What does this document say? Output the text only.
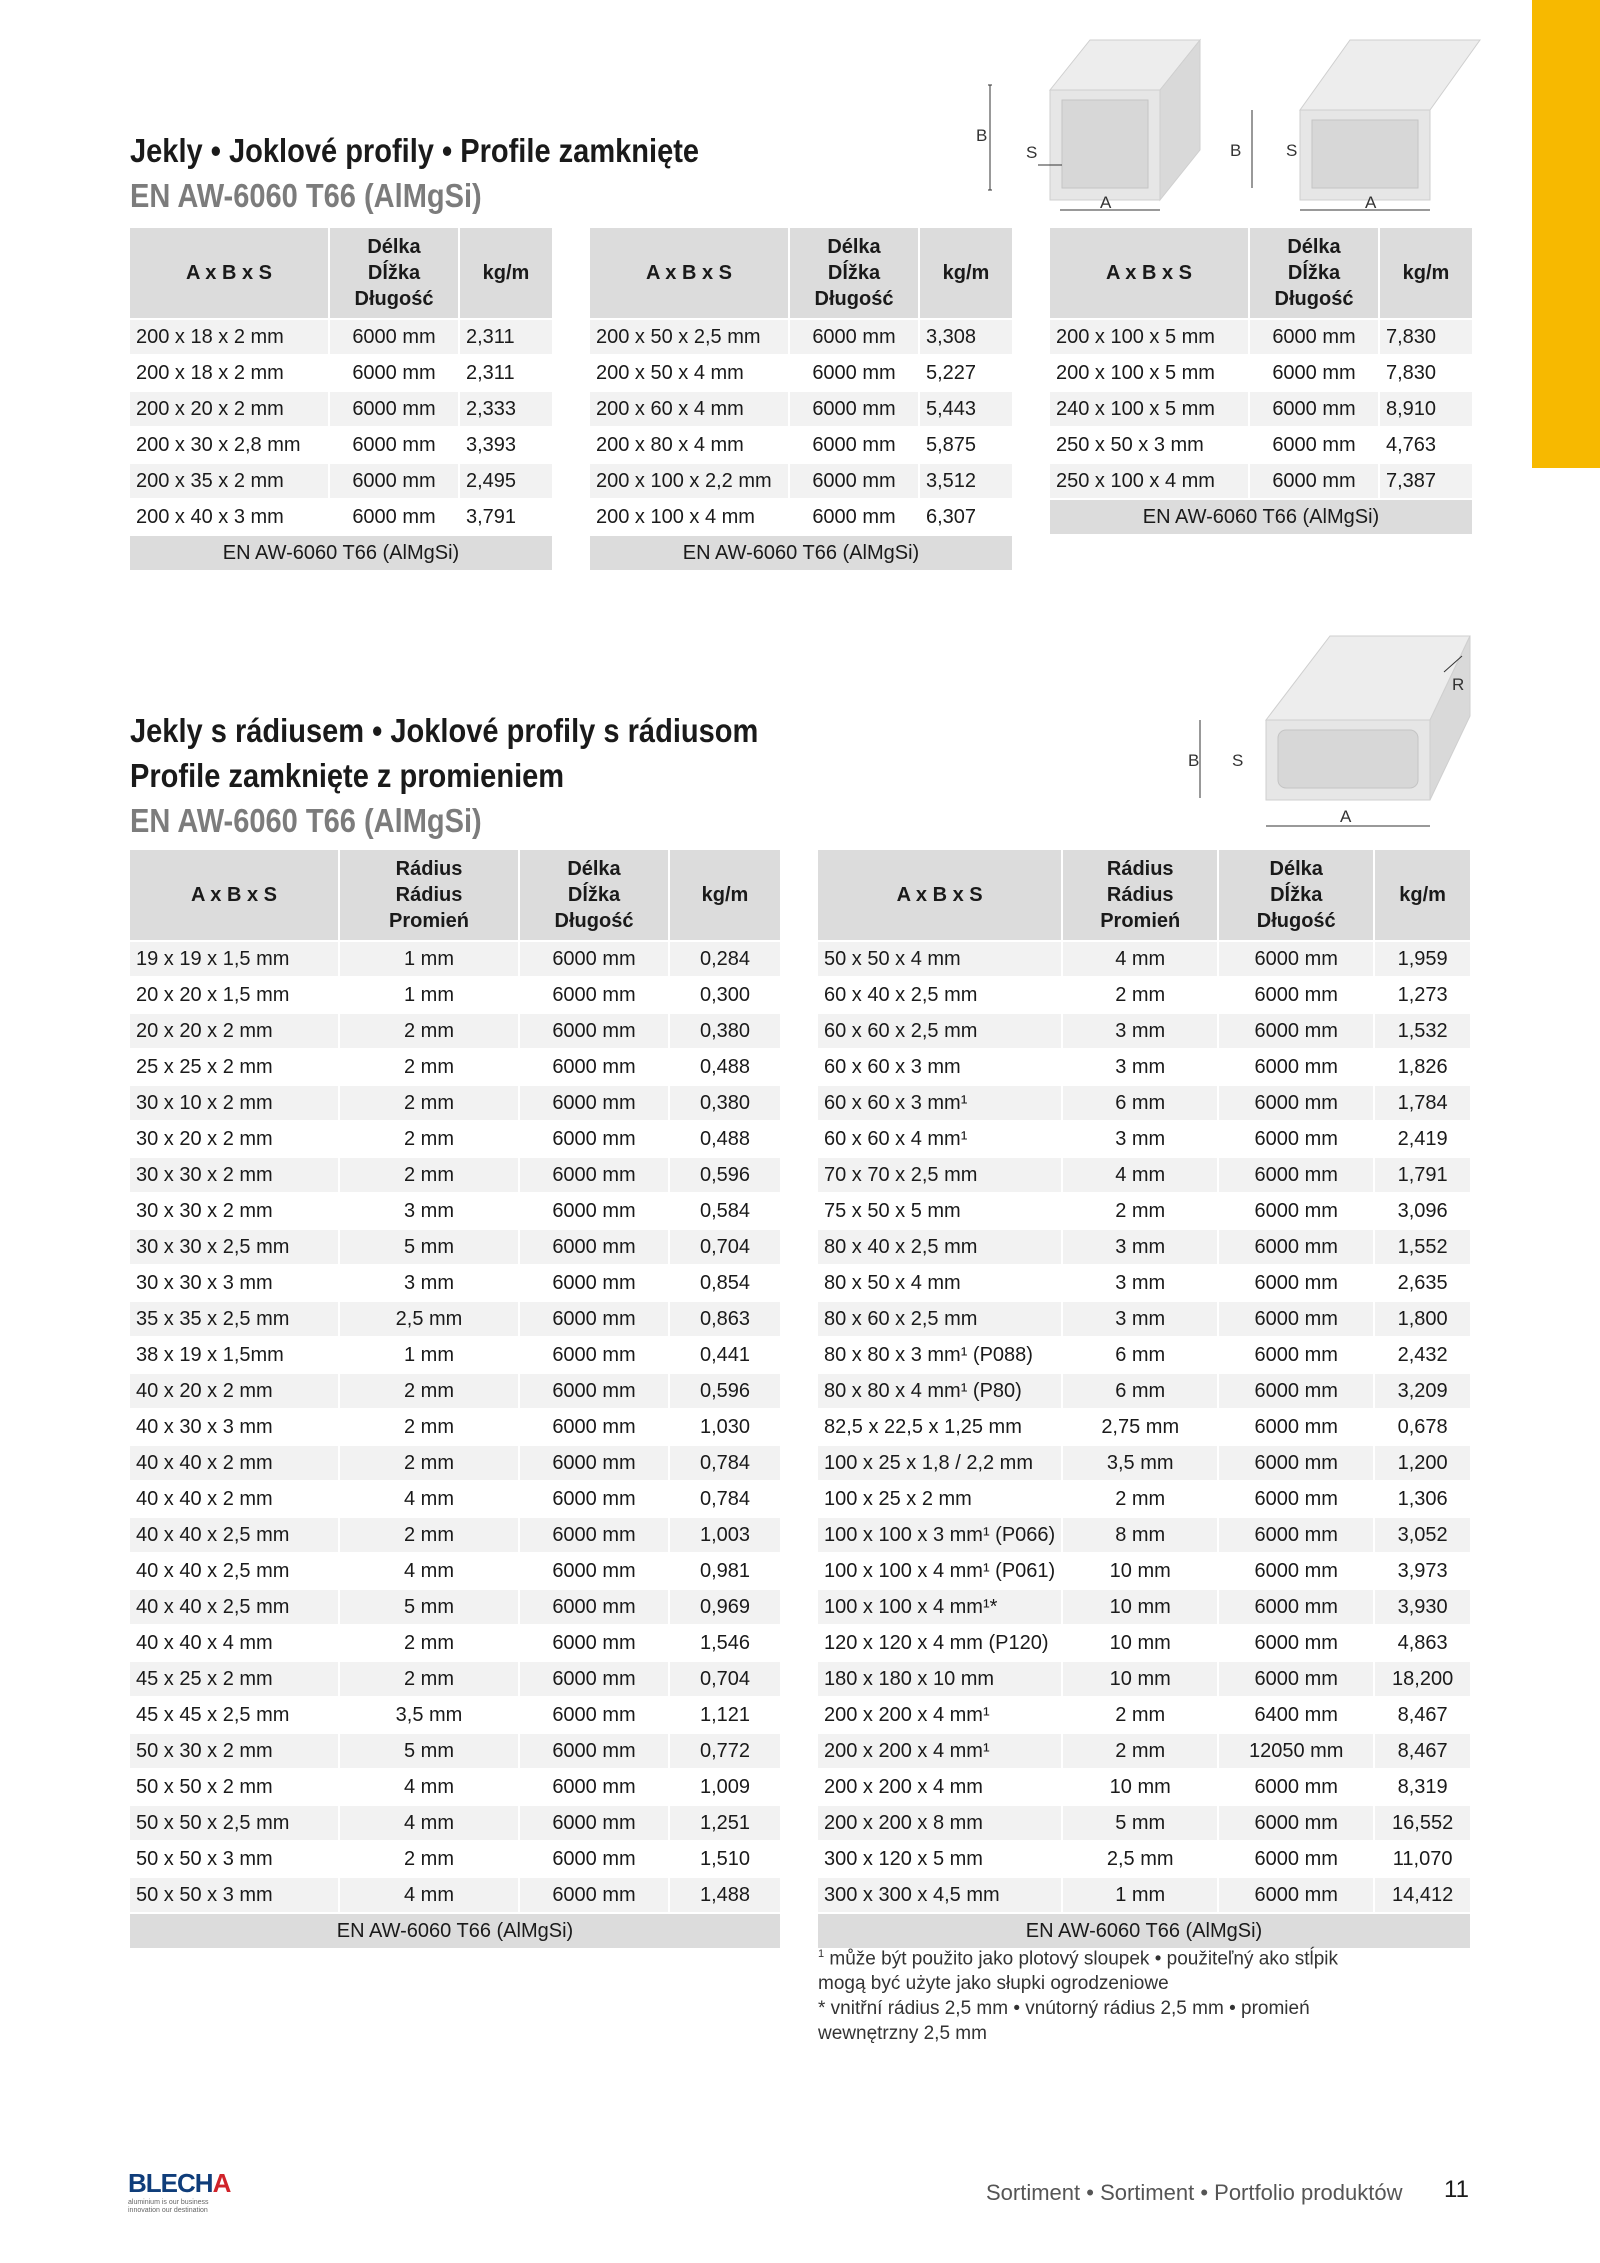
Jekly • Joklové profily • Profile zamknięte
EN AW-6060 T66 (AlMgSi)
B
S
A
B	S
A
A x B x S	Délka
Dĺžka
Długość	kg/m
200 x 18 x 2 mm	6000 mm	2,311
200 x 18 x 2 mm	6000 mm	2,311
200 x 20 x 2 mm	6000 mm	2,333
200 x 30 x 2,8 mm	6000 mm	3,393
200 x 35 x 2 mm	6000 mm	2,495
200 x 40 x 3 mm	6000 mm	3,791
EN AW-6060 T66 (AlMgSi)		
A x B x S	Délka
Dĺžka
Długość	kg/m
200 x 50 x 2,5 mm	6000 mm	3,308
200 x 50 x 4 mm	6000 mm	5,227
200 x 60 x 4 mm	6000 mm	5,443
200 x 80 x 4 mm	6000 mm	5,875
200 x 100 x 2,2 mm	6000 mm	3,512
200 x 100 x 4 mm	6000 mm	6,307
EN AW-6060 T66 (AlMgSi)		
A x B x S	Délka
Dĺžka
Długość	kg/m
200 x 100 x 5 mm	6000 mm	7,830
200 x 100 x 5 mm	6000 mm	7,830
240 x 100 x 5 mm	6000 mm	8,910
250 x 50 x 3 mm	6000 mm	4,763
250 x 100 x 4 mm	6000 mm	7,387
EN AW-6060 T66 (AlMgSi)		
Jekly s rádiusem • Joklové profily s rádiusom
Profile zamknięte z promieniem
EN AW-6060 T66 (AlMgSi)
B S
A
R
A x B x S	Rádius
Rádius
Promień	Délka
Dĺžka
Długość	kg/m
19 x 19 x 1,5 mm	1 mm	6000 mm	0,284
20 x 20 x 1,5 mm	1 mm	6000 mm	0,300
20 x 20 x 2 mm	2 mm	6000 mm	0,380
25 x 25 x 2 mm	2 mm	6000 mm	0,488
30 x 10 x 2 mm	2 mm	6000 mm	0,380
30 x 20 x 2 mm	2 mm	6000 mm	0,488
30 x 30 x 2 mm	2 mm	6000 mm	0,596
30 x 30 x 2 mm	3 mm	6000 mm	0,584
30 x 30 x 2,5 mm	5 mm	6000 mm	0,704
30 x 30 x 3 mm	3 mm	6000 mm	0,854
35 x 35 x 2,5 mm	2,5 mm	6000 mm	0,863
38 x 19 x 1,5mm	1 mm	6000 mm	0,441
40 x 20 x 2 mm	2 mm	6000 mm	0,596
40 x 30 x 3 mm	2 mm	6000 mm	1,030
40 x 40 x 2 mm	2 mm	6000 mm	0,784
40 x 40 x 2 mm	4 mm	6000 mm	0,784
40 x 40 x 2,5 mm	2 mm	6000 mm	1,003
40 x 40 x 2,5 mm	4 mm	6000 mm	0,981
40 x 40 x 2,5 mm	5 mm	6000 mm	0,969
40 x 40 x 4 mm	2 mm	6000 mm	1,546
45 x 25 x 2 mm	2 mm	6000 mm	0,704
45 x 45 x 2,5 mm	3,5 mm	6000 mm	1,121
50 x 30 x 2 mm	5 mm	6000 mm	0,772
50 x 50 x 2 mm	4 mm	6000 mm	1,009
50 x 50 x 2,5 mm	4 mm	6000 mm	1,251
50 x 50 x 3 mm	2 mm	6000 mm	1,510
50 x 50 x 3 mm	4 mm	6000 mm	1,488
EN AW-6060 T66 (AlMgSi)			
A x B x S	Rádius
Rádius
Promień	Délka
Dĺžka
Długość	kg/m
50 x 50 x 4 mm	4 mm	6000 mm	1,959
60 x 40 x 2,5 mm	2 mm	6000 mm	1,273
60 x 60 x 2,5 mm	3 mm	6000 mm	1,532
60 x 60 x 3 mm	3 mm	6000 mm	1,826
60 x 60 x 3 mm¹	6 mm	6000 mm	1,784
60 x 60 x 4 mm¹	3 mm	6000 mm	2,419
70 x 70 x 2,5 mm	4 mm	6000 mm	1,791
75 x 50 x 5 mm	2 mm	6000 mm	3,096
80 x 40 x 2,5 mm	3 mm	6000 mm	1,552
80 x 50 x 4 mm	3 mm	6000 mm	2,635
80 x 60 x 2,5 mm	3 mm	6000 mm	1,800
80 x 80 x 3 mm¹ (P088)	6 mm	6000 mm	2,432
80 x 80 x 4 mm¹ (P80)	6 mm	6000 mm	3,209
82,5 x 22,5 x 1,25 mm	2,75 mm	6000 mm	0,678
100 x 25 x 1,8 / 2,2 mm	3,5 mm	6000 mm	1,200
100 x 25 x 2 mm	2 mm	6000 mm	1,306
100 x 100 x 3 mm¹ (P066)	8 mm	6000 mm	3,052
100 x 100 x 4 mm¹ (P061)	10 mm	6000 mm	3,973
100 x 100 x 4 mm¹*	10 mm	6000 mm	3,930
120 x 120 x 4 mm (P120)	10 mm	6000 mm	4,863
180 x 180 x 10 mm	10 mm	6000 mm	18,200
200 x 200 x 4 mm¹	2 mm	6400 mm	8,467
200 x 200 x 4 mm¹	2 mm	12050 mm	8,467
200 x 200 x 4 mm	10 mm	6000 mm	8,319
200 x 200 x 8 mm	5 mm	6000 mm	16,552
300 x 120 x 5 mm	2,5 mm	6000 mm	11,070
300 x 300 x 4,5 mm	1 mm	6000 mm	14,412
EN AW-6060 T66 (AlMgSi)			
$^1$ může být použito jako plotový sloupek • použiteľný ako stĺpik mogą być użyte jako słupki ogrodzeniowe
* vnitřní rádius 2,5 mm • vnútorný rádius 2,5 mm • promień wewnętrzny 2,5 mm
BLECHA
aluminium is our business innovation our destination
Sortiment • Sortiment • Portfolio produktów 11
